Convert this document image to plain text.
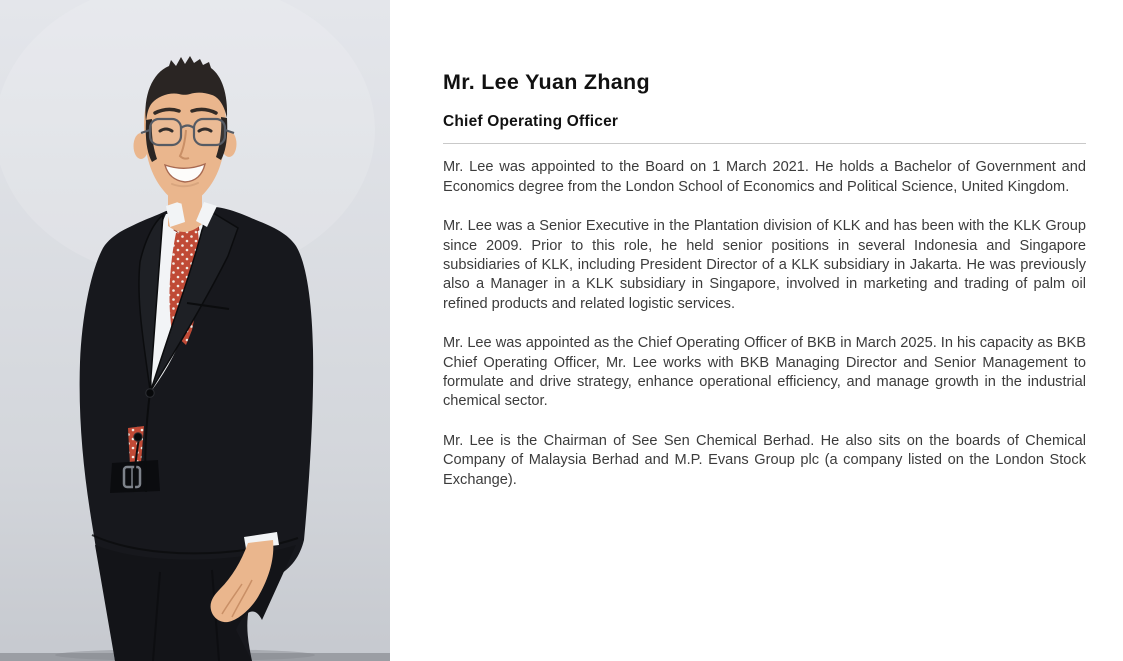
Mr. Lee Yuan Zhang
Chief Operating Officer

Mr. Lee was appointed to the Board on 1 March 2021. He holds a Bachelor of Government and Economics degree from the London School of Economics and Political Science, United Kingdom.

Mr. Lee was a Senior Executive in the Plantation division of KLK and has been with the KLK Group since 2009. Prior to this role, he held senior positions in several Indonesia and Singapore subsidiaries of KLK, including President Director of a KLK subsidiary in Jakarta. He was previously also a Manager in a KLK subsidiary in Singapore, involved in marketing and trading of palm oil refined products and related logistic services.

Mr. Lee was appointed as the Chief Operating Officer of BKB in March 2025. In his capacity as BKB Chief Operating Officer, Mr. Lee works with BKB Managing Director and Senior Management to formulate and drive strategy, enhance operational efficiency, and manage growth in the industrial chemical sector.

Mr. Lee is the Chairman of See Sen Chemical Berhad. He also sits on the boards of Chemical Company of Malaysia Berhad and M.P. Evans Group plc (a company listed on the London Stock Exchange).
